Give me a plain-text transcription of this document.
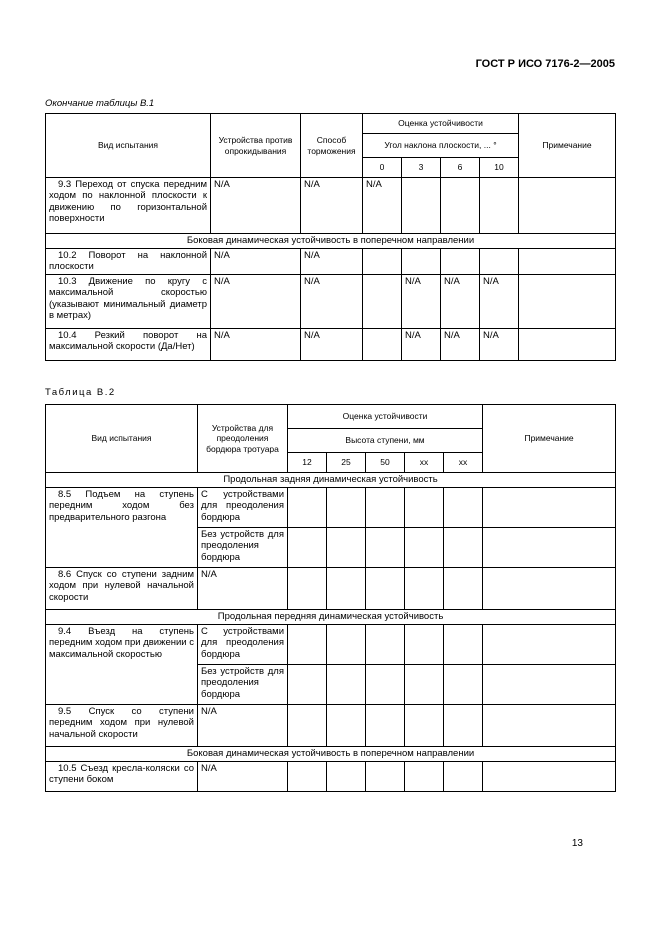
ГОСТ Р ИСО 7176-2—2005
Окончание таблицы В.1
Вид испытания	Устройства против опрокидывания	Способ торможения	Оценка устойчивости				Примечание
			Угол наклона плоскости, ... °				
			0	3	6	10	
9.3 Переход от спуска передним ходом по наклонной плоскости к движению по горизонтальной поверхности	N/A	N/A	N/A				
Боковая динамическая устойчивость в поперечном направлении							
10.2 Поворот на наклонной плоскости	N/A	N/A					
10.3 Движение по кругу с максимальной скоростью (указывают минимальный диаметр в метрах)	N/A	N/A		N/A	N/A	N/A	
10.4 Резкий поворот на максимальной скорости (Да/Нет)	N/A	N/A		N/A	N/A	N/A	
Таблица В.2
Вид испытания	Устройства для преодоления бордюра тротуара	Оценка устойчивости					Примечание
		Высота ступени, мм					
		12	25	50	xx	xx	
Продольная задняя динамическая устойчивость							
8.5 Подъем на ступень передним ходом без предварительного разгона	С устройствами для преодоления бордюра						
	Без устройств для преодоления бордюра						
8.6 Спуск со ступени задним ходом при нулевой начальной скорости	N/A						
Продольная передняя динамическая устойчивость							
9.4 Въезд на ступень передним ходом при движении с максимальной скоростью	С устройствами для преодоления бордюра						
	Без устройств для преодоления бордюра						
9.5 Спуск со ступени передним ходом при нулевой начальной скорости	N/A						
Боковая динамическая устойчивость в поперечном направлении							
10.5 Съезд кресла-коляски со ступени боком	N/A						
13
